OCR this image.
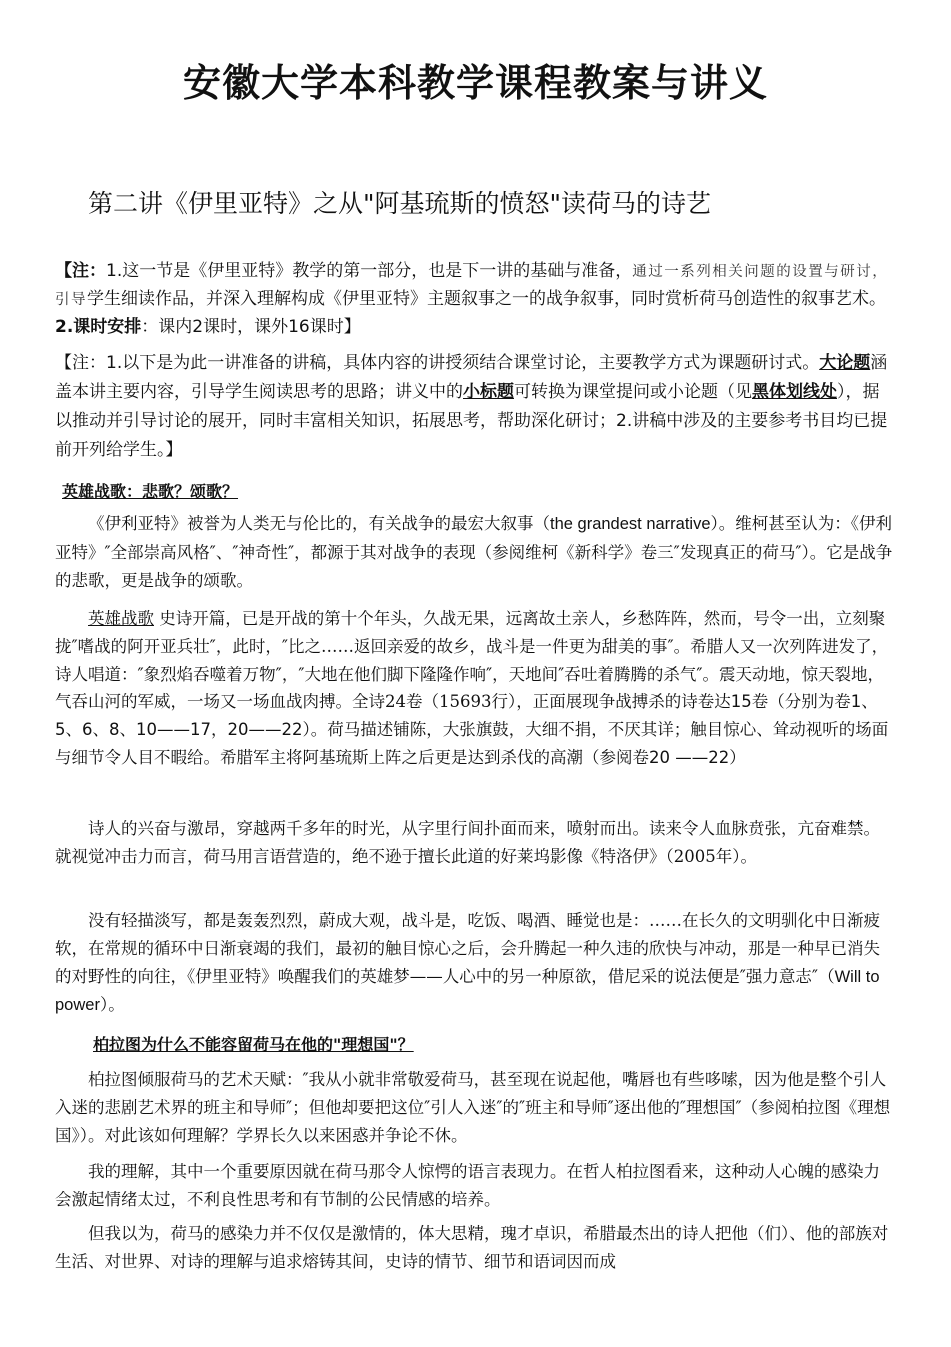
安徽大学本科教学课程教案与讲义
第二讲《伊里亚特》之从"阿基琉斯的愤怒"读荷马的诗艺

【注：1.这一节是《伊里亚特》教学的第一部分，也是下一讲的基础与准备，通过一系列相关问题的设置与研讨，引导学生细读作品，并深入理解构成《伊里亚特》主题叙事之一的战争叙事，同时赏析荷马创造性的叙事艺术。2.课时安排：课内2课时，课外16课时】

【注：1.以下是为此一讲准备的讲稿，具体内容的讲授须结合课堂讨论，主要教学方式为课题研讨式。大论题涵盖本讲主要内容，引导学生阅读思考的思路；讲义中的小标题可转换为课堂提问或小论题（见黑体划线处），据以推动并引导讨论的展开，同时丰富相关知识，拓展思考，帮助深化研讨；2.讲稿中涉及的主要参考书目均已提前开列给学生。】

英雄战歌：悲歌？颂歌？

《伊利亚特》被誉为人类无与伦比的，有关战争的最宏大叙事（the grandest narrative）。维柯甚至认为：《伊利亚特》″全部崇高风格″、″神奇性″，都源于其对战争的表现（参阅维柯《新科学》卷三″发现真正的荷马″）。它是战争的悲歌，更是战争的颂歌。

英雄战歌 史诗开篇，已是开战的第十个年头，久战无果，远离故土亲人，乡愁阵阵，然而，号令一出，立刻聚拢″嗜战的阿开亚兵壮″，此时，″比之……返回亲爱的故乡，战斗是一件更为甜美的事″。希腊人又一次列阵进发了，诗人唱道：″象烈焰吞噬着万物″，″大地在他们脚下隆隆作响″，天地间″吞吐着腾腾的杀气″。震天动地，惊天裂地，气吞山河的军威，一场又一场血战肉搏。全诗24卷（15693行），正面展现争战搏杀的诗卷达15卷（分别为卷1、5、6、8、10——17，20——22）。荷马描述铺陈，大张旗鼓，大细不捐，不厌其详；触目惊心、耸动视听的场面与细节令人目不暇给。希腊军主将阿基琉斯上阵之后更是达到杀伐的高潮（参阅卷20 ——22）

诗人的兴奋与激昂，穿越两千多年的时光，从字里行间扑面而来，喷射而出。读来令人血脉贲张，亢奋难禁。就视觉冲击力而言，荷马用言语营造的，绝不逊于擅长此道的好莱坞影像《特洛伊》（2005年）。

没有轻描淡写，都是轰轰烈烈，蔚成大观，战斗是，吃饭、喝酒、睡觉也是：……在长久的文明驯化中日渐疲软，在常规的循环中日渐衰竭的我们，最初的触目惊心之后，会升腾起一种久违的欣快与冲动，那是一种早已消失的对野性的向往，《伊里亚特》唤醒我们的英雄梦——人心中的另一种原欲，借尼采的说法便是″强力意志″（Will to power）。

柏拉图为什么不能容留荷马在他的"理想国"？

柏拉图倾服荷马的艺术天赋：″我从小就非常敬爱荷马，甚至现在说起他，嘴唇也有些哆嗦，因为他是整个引人入迷的悲剧艺术界的班主和导师″；但他却要把这位″引人入迷″的″班主和导师″逐出他的″理想国″（参阅柏拉图《理想国》）。对此该如何理解？学界长久以来困惑并争论不休。

我的理解，其中一个重要原因就在荷马那令人惊愕的语言表现力。在哲人柏拉图看来，这种动人心魄的感染力会激起情绪太过，不利良性思考和有节制的公民情感的培养。

但我以为，荷马的感染力并不仅仅是激情的，体大思精，瑰才卓识，希腊最杰出的诗人把他（们）、他的部族对生活、对世界、对诗的理解与追求熔铸其间，史诗的情节、细节和语词因而成
